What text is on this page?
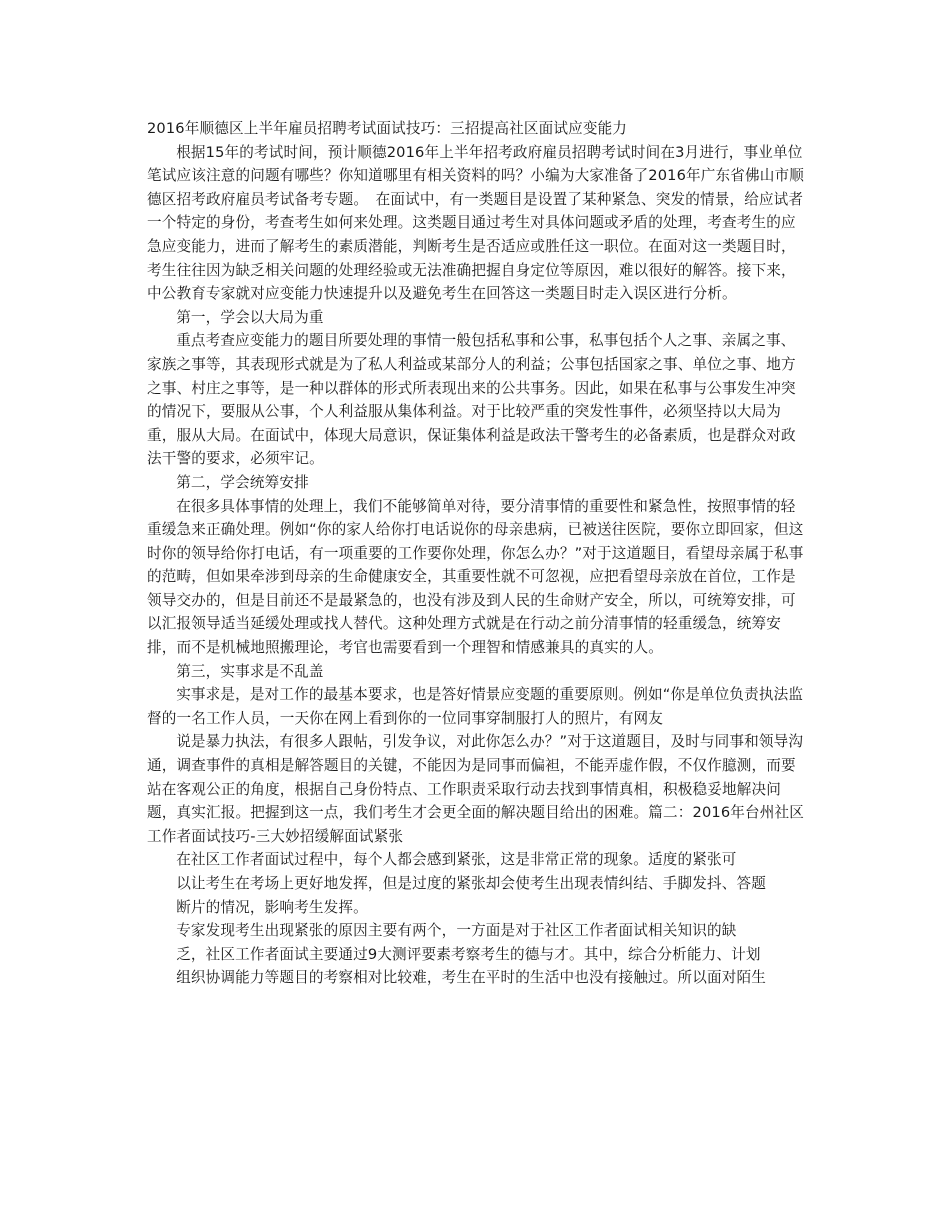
2016年顺德区上半年雇员招聘考试面试技巧：三招提高社区面试应变能力

根据15年的考试时间，预计顺德2016年上半年招考政府雇员招聘考试时间在3月进行，事业单位笔试应该注意的问题有哪些？你知道哪里有相关资料的吗？小编为大家准备了2016年广东省佛山市顺德区招考政府雇员考试备考专题。　在面试中，有一类题目是设置了某种紧急、突发的情景，给应试者一个特定的身份，考查考生如何来处理。这类题目通过考生对具体问题或矛盾的处理，考查考生的应急应变能力，进而了解考生的素质潜能，判断考生是否适应或胜任这一职位。在面对这一类题目时，考生往往因为缺乏相关问题的处理经验或无法准确把握自身定位等原因，难以很好的解答。接下来，中公教育专家就对应变能力快速提升以及避免考生在回答这一类题目时走入误区进行分析。

第一，学会以大局为重

重点考查应变能力的题目所要处理的事情一般包括私事和公事，私事包括个人之事、亲属之事、家族之事等，其表现形式就是为了私人利益或某部分人的利益；公事包括国家之事、单位之事、地方之事、村庄之事等，是一种以群体的形式所表现出来的公共事务。因此，如果在私事与公事发生冲突的情况下，要服从公事，个人利益服从集体利益。对于比较严重的突发性事件，必须坚持以大局为重，服从大局。在面试中，体现大局意识，保证集体利益是政法干警考生的必备素质，也是群众对政法干警的要求，必须牢记。

第二，学会统筹安排

在很多具体事情的处理上，我们不能够简单对待，要分清事情的重要性和紧急性，按照事情的轻重缓急来正确处理。例如“你的家人给你打电话说你的母亲患病，已被送往医院，要你立即回家，但这时你的领导给你打电话，有一项重要的工作要你处理，你怎么办？”对于这道题目，看望母亲属于私事的范畴，但如果牵涉到母亲的生命健康安全，其重要性就不可忽视，应把看望母亲放在首位，工作是领导交办的，但是目前还不是最紧急的，也没有涉及到人民的生命财产安全，所以，可统筹安排，可以汇报领导适当延缓处理或找人替代。这种处理方式就是在行动之前分清事情的轻重缓急，统筹安排，而不是机械地照搬理论，考官也需要看到一个理智和情感兼具的真实的人。

第三，实事求是不乱盖

实事求是，是对工作的最基本要求，也是答好情景应变题的重要原则。例如“你是单位负责执法监督的一名工作人员，一天你在网上看到你的一位同事穿制服打人的照片，有网友

说是暴力执法，有很多人跟帖，引发争议，对此你怎么办？”对于这道题目，及时与同事和领导沟通，调查事件的真相是解答题目的关键，不能因为是同事而偏袒，不能弄虚作假，不仅作臆测，而要站在客观公正的角度，根据自己身份特点、工作职责采取行动去找到事情真相，积极稳妥地解决问题，真实汇报。把握到这一点，我们考生才会更全面的解决题目给出的困难。篇二：2016年台州社区工作者面试技巧-三大妙招缓解面试紧张

在社区工作者面试过程中，每个人都会感到紧张，这是非常正常的现象。适度的紧张可

以让考生在考场上更好地发挥，但是过度的紧张却会使考生出现表情纠结、手脚发抖、答题

断片的情况，影响考生发挥。

专家发现考生出现紧张的原因主要有两个，一方面是对于社区工作者面试相关知识的缺

乏，社区工作者面试主要通过9大测评要素考察考生的德与才。其中，综合分析能力、计划

组织协调能力等题目的考察相对比较难，考生在平时的生活中也没有接触过。所以面对陌生
